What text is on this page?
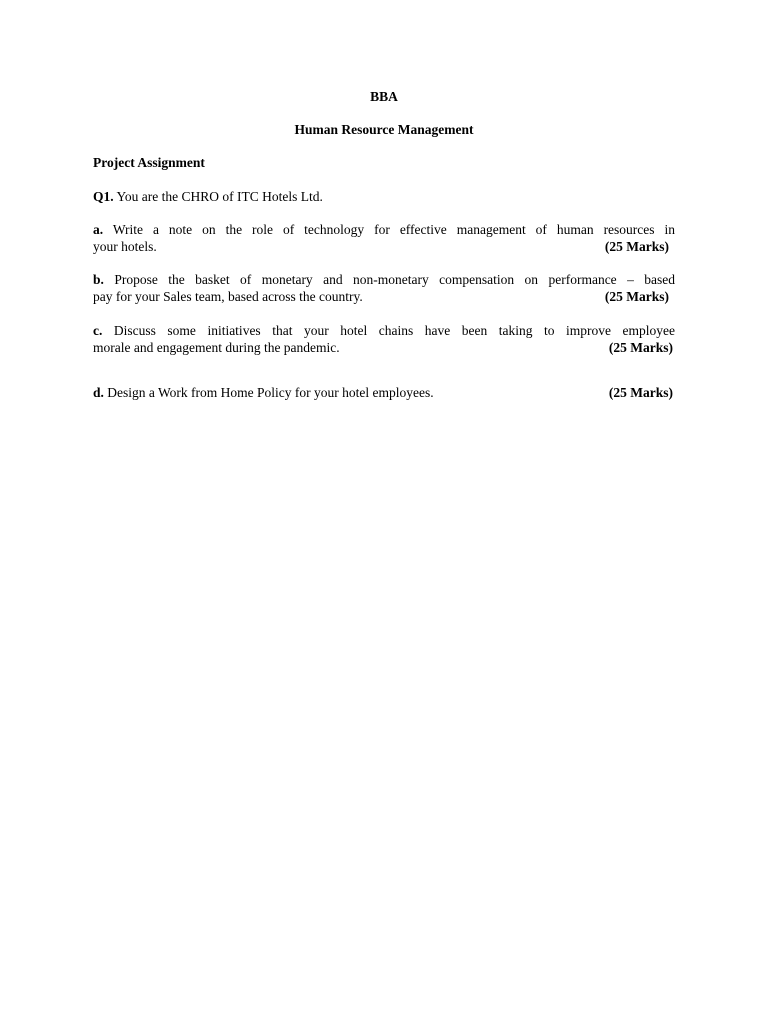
BBA
Human Resource Management
Project Assignment
Q1. You are the CHRO of ITC Hotels Ltd.
a. Write a note on the role of technology for effective management of human resources in
your hotels.	(25 Marks)
b. Propose the basket of monetary and non-monetary compensation on performance – based
pay for your Sales team, based across the country.	(25 Marks)
c. Discuss some initiatives that your hotel chains have been taking to improve employee
morale and engagement during the pandemic.	(25 Marks)
d. Design a Work from Home Policy for your hotel employees.	(25 Marks)
